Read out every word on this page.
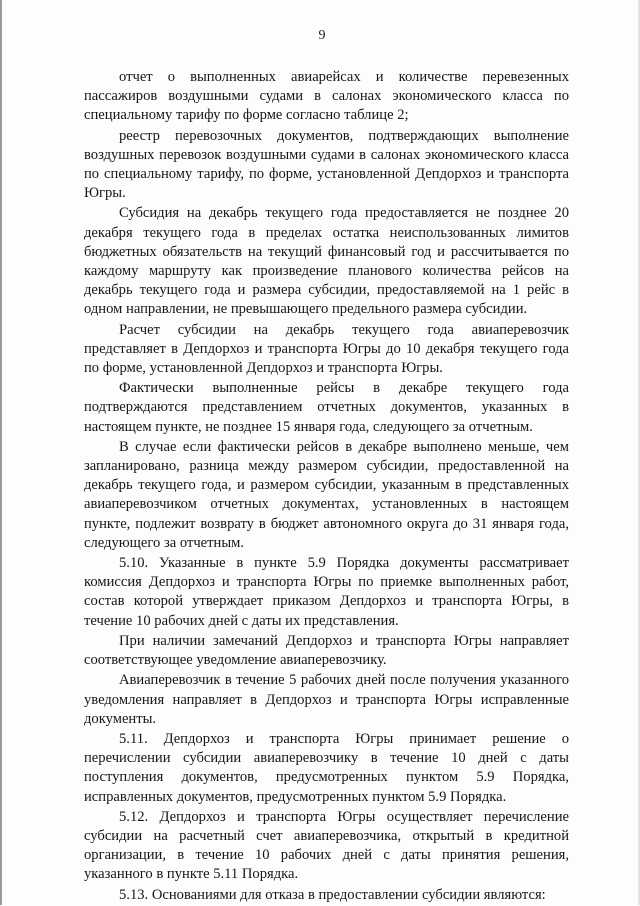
9

отчет о выполненных авиарейсах и количестве перевезенных пассажиров воздушными судами в салонах экономического класса по специальному тарифу по форме согласно таблице 2;

реестр перевозочных документов, подтверждающих выполнение воздушных перевозок воздушными судами в салонах экономического класса по специальному тарифу, по форме, установленной Депдорхоз и транспорта Югры.

Субсидия на декабрь текущего года предоставляется не позднее 20 декабря текущего года в пределах остатка неиспользованных лимитов бюджетных обязательств на текущий финансовый год и рассчитывается по каждому маршруту как произведение планового количества рейсов на декабрь текущего года и размера субсидии, предоставляемой на 1 рейс в одном направлении, не превышающего предельного размера субсидии.

Расчет субсидии на декабрь текущего года авиаперевозчик представляет в Депдорхоз и транспорта Югры до 10 декабря текущего года по форме, установленной Депдорхоз и транспорта Югры.

Фактически выполненные рейсы в декабре текущего года подтверждаются представлением отчетных документов, указанных в настоящем пункте, не позднее 15 января года, следующего за отчетным.

В случае если фактически рейсов в декабре выполнено меньше, чем запланировано, разница между размером субсидии, предоставленной на декабрь текущего года, и размером субсидии, указанным в представленных авиаперевозчиком отчетных документах, установленных в настоящем пункте, подлежит возврату в бюджет автономного округа до 31 января года, следующего за отчетным.

5.10. Указанные в пункте 5.9 Порядка документы рассматривает комиссия Депдорхоз и транспорта Югры по приемке выполненных работ, состав которой утверждает приказом Депдорхоз и транспорта Югры, в течение 10 рабочих дней с даты их представления.

При наличии замечаний Депдорхоз и транспорта Югры направляет соответствующее уведомление авиаперевозчику.

Авиаперевозчик в течение 5 рабочих дней после получения указанного уведомления направляет в Депдорхоз и транспорта Югры исправленные документы.

5.11. Депдорхоз и транспорта Югры принимает решение о перечислении субсидии авиаперевозчику в течение 10 дней с даты поступления документов, предусмотренных пунктом 5.9 Порядка, исправленных документов, предусмотренных пунктом 5.9 Порядка.

5.12. Депдорхоз и транспорта Югры осуществляет перечисление субсидии на расчетный счет авиаперевозчика, открытый в кредитной организации, в течение 10 рабочих дней с даты принятия решения, указанного в пункте 5.11 Порядка.

5.13. Основаниями для отказа в предоставлении субсидии являются:
